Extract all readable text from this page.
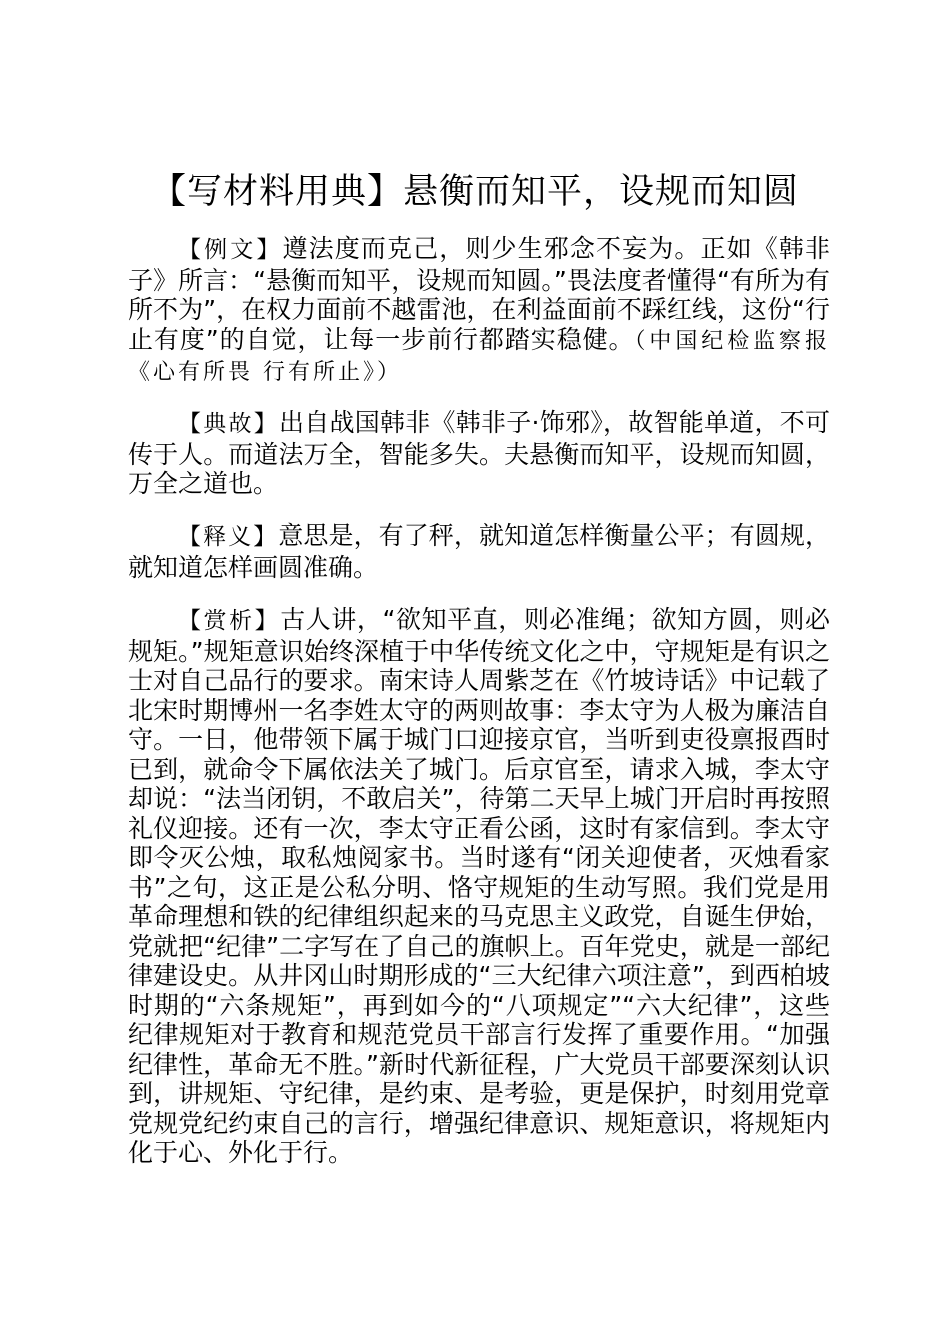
【写材料用典】悬衡而知平，设规而知圆

【例文】遵法度而克己，则少生邪念不妄为。正如《韩非子》所言：“悬衡而知平，设规而知圆。”畏法度者懂得“有所为有所不为”，在权力面前不越雷池，在利益面前不踩红线，这份“行止有度”的自觉，让每一步前行都踏实稳健。（中国纪检监察报《心有所畏 行有所止》）

【典故】出自战国韩非《韩非子·饰邪》，故智能单道，不可传于人。而道法万全，智能多失。夫悬衡而知平，设规而知圆，万全之道也。

【释义】意思是，有了秤，就知道怎样衡量公平；有圆规，就知道怎样画圆准确。

【赏析】古人讲，“欲知平直，则必准绳；欲知方圆，则必规矩。”规矩意识始终深植于中华传统文化之中，守规矩是有识之士对自己品行的要求。南宋诗人周紫芝在《竹坡诗话》中记载了北宋时期博州一名李姓太守的两则故事：李太守为人极为廉洁自守。一日，他带领下属于城门口迎接京官，当听到吏役禀报酉时已到，就命令下属依法关了城门。后京官至，请求入城，李太守却说：“法当闭钥，不敢启关”，待第二天早上城门开启时再按照礼仪迎接。还有一次，李太守正看公函，这时有家信到。李太守即令灭公烛，取私烛阅家书。当时遂有“闭关迎使者，灭烛看家书”之句，这正是公私分明、恪守规矩的生动写照。我们党是用革命理想和铁的纪律组织起来的马克思主义政党，自诞生伊始，党就把“纪律”二字写在了自己的旗帜上。百年党史，就是一部纪律建设史。从井冈山时期形成的“三大纪律六项注意”，到西柏坡时期的“六条规矩”，再到如今的“八项规定”“六大纪律”，这些纪律规矩对于教育和规范党员干部言行发挥了重要作用。“加强纪律性，革命无不胜。”新时代新征程，广大党员干部要深刻认识到，讲规矩、守纪律，是约束、是考验，更是保护，时刻用党章党规党纪约束自己的言行，增强纪律意识、规矩意识，将规矩内化于心、外化于行。
